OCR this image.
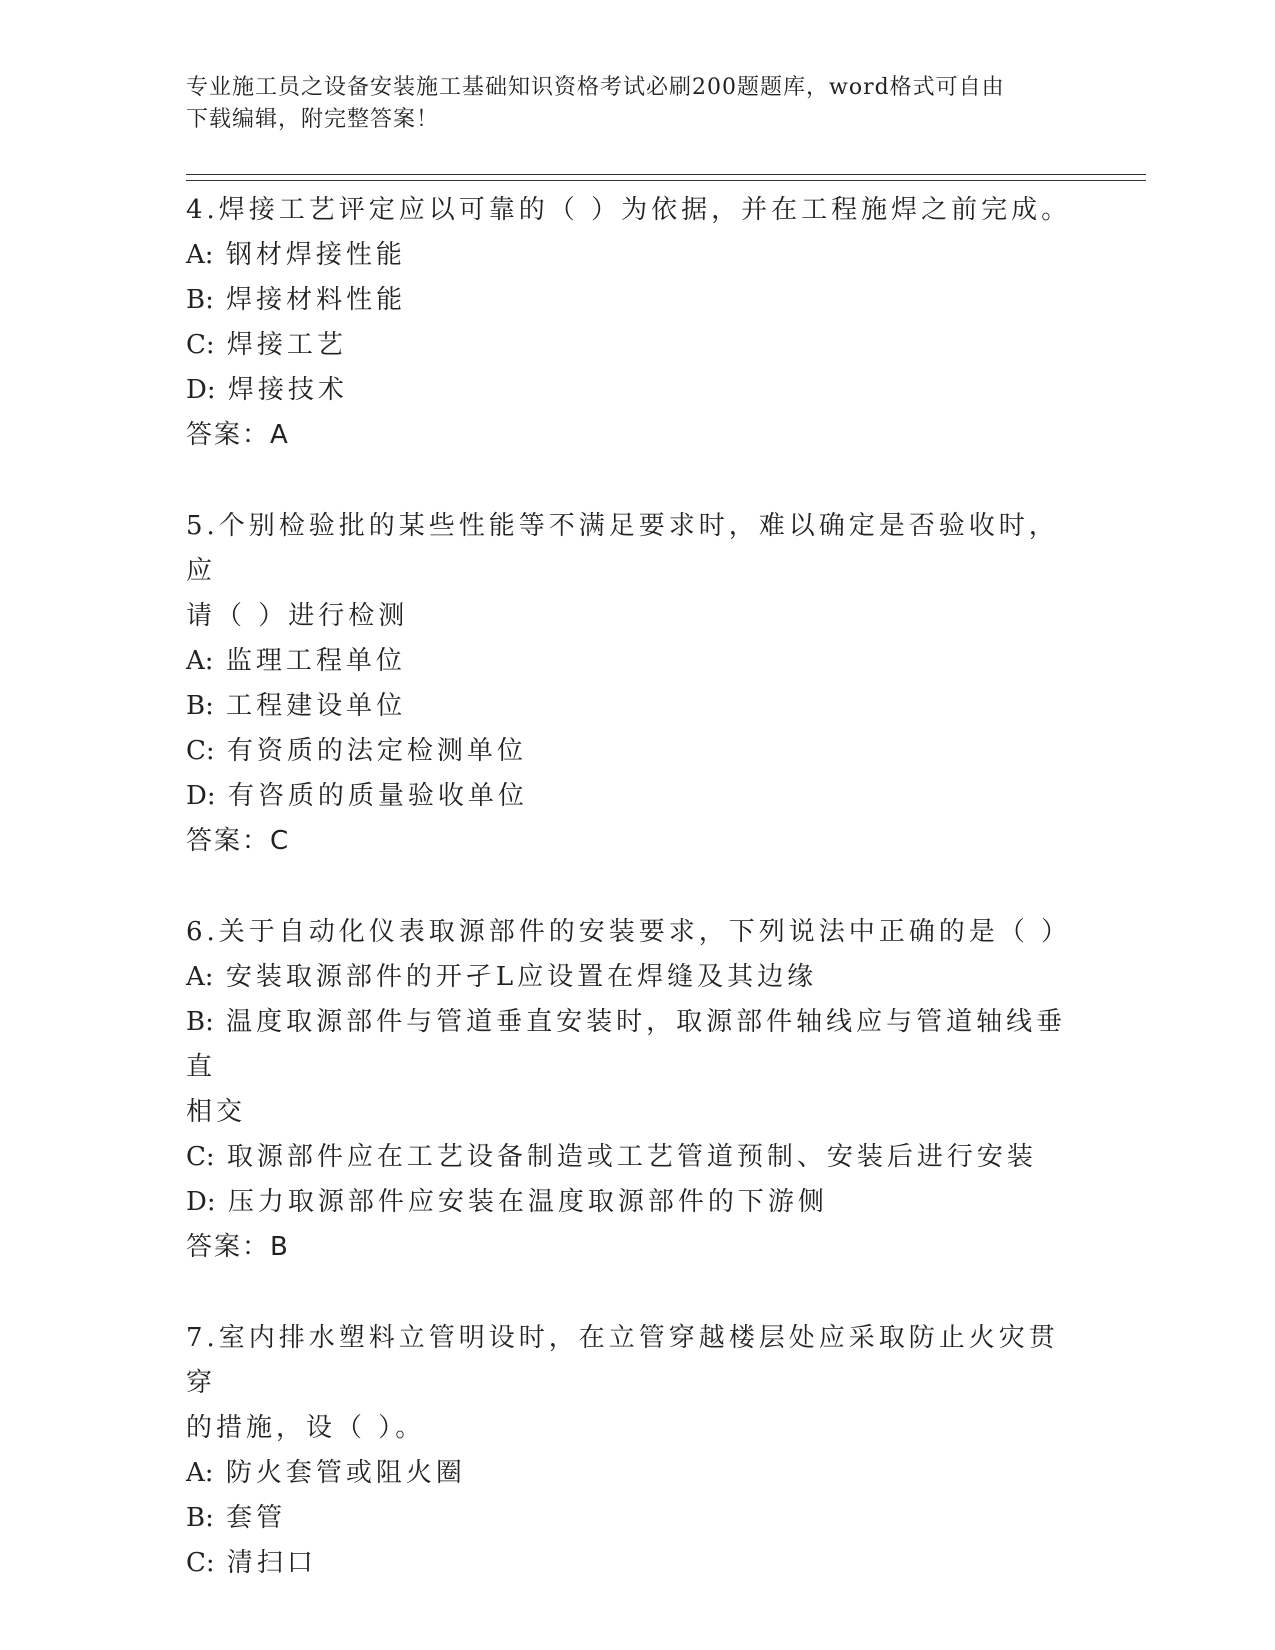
专业施工员之设备安装施工基础知识资格考试必刷200题题库，word格式可自由
下载编辑，附完整答案！
4.焊接工艺评定应以可靠的（ ）为依据，并在工程施焊之前完成。
A: 钢材焊接性能
B: 焊接材料性能
C: 焊接工艺
D: 焊接技术
答案：A
5.个别检验批的某些性能等不满足要求时，难以确定是否验收时，应
请（ ）进行检测
A: 监理工程单位
B: 工程建设单位
C: 有资质的法定检测单位
D: 有咨质的质量验收单位
答案：C
6.关于自动化仪表取源部件的安装要求，下列说法中正确的是（ ）
A: 安装取源部件的开孑L应设置在焊缝及其边缘
B: 温度取源部件与管道垂直安装时，取源部件轴线应与管道轴线垂直
相交
C: 取源部件应在工艺设备制造或工艺管道预制、安装后进行安装
D: 压力取源部件应安装在温度取源部件的下游侧
答案：B
7.室内排水塑料立管明设时，在立管穿越楼层处应采取防止火灾贯穿
的措施，设（ ）。
A: 防火套管或阻火圈
B: 套管
C: 清扫口
